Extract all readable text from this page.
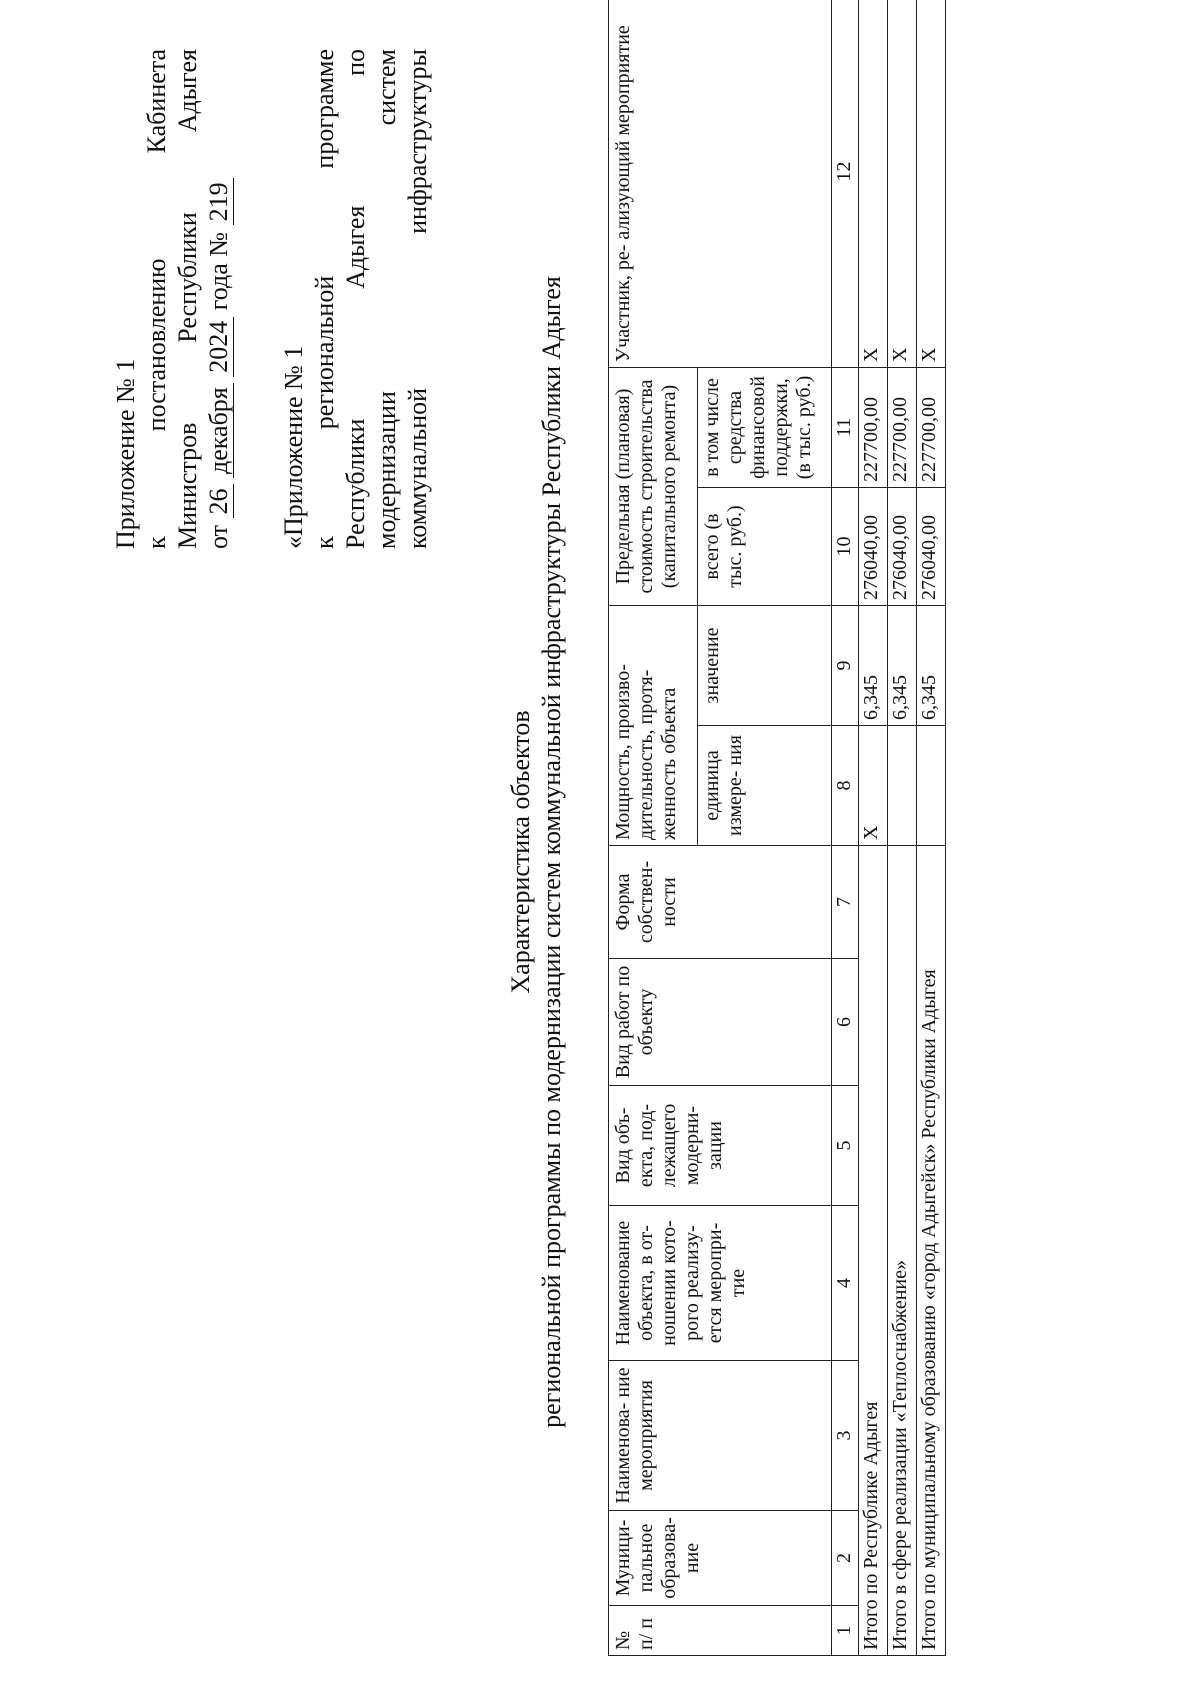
Приложение № 1 к
постановлению
Кабинета
Министров
Республики
Адыгея
от 26 декабря 2024 года № 219
«Приложение № 1 к
региональной
программе
Республики
Адыгея
по
модернизации
систем
коммунальной
инфраструктуры
Характеристика объектов региональной программы по модернизации систем коммунальной инфраструктуры Республики Адыгея
№ п/ п	Муници- пальное образова- ние	Наименова- ние мероприятия	Наименование объекта, в от- ношении кото- рого реализу- ется меропри- тие	Вид объ- екта, под- лежащего модерни- зации	Вид работ по объекту	Форма собствен- ности	Мощность, произво- дительность, протя- женность объекта		Предельная (плановая) стоимость строительства (капитального ремонта)		Участник, ре- ализующий мероприятие
							единица измере- ния	значение	всего (в тыс. руб.)	в том числе средства финансовой поддержки, (в тыс. руб.)	
1	2	3	4	5	6	7	8	9	10	11	12
Итого по Республике Адыгея							X	6,345	276040,00	227700,00	X
Итого в сфере реализации «Теплоснабжение»								6,345	276040,00	227700,00	X
Итого по муниципальному образованию «город Адыгейск» Республики Адыгея								6,345	276040,00	227700,00	X
